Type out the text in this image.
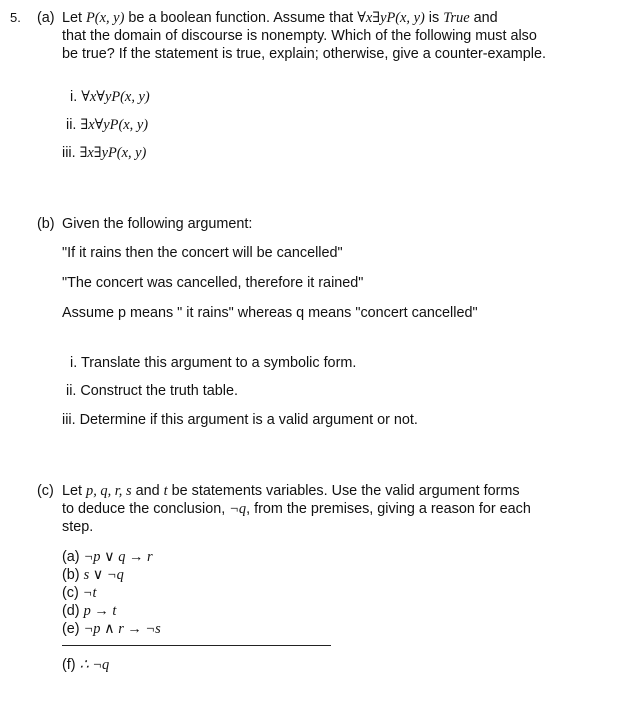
5. (a) Let P(x, y) be a boolean function. Assume that ∀x∃yP(x, y) is True and
that the domain of discourse is nonempty. Which of the following must also
be true? If the statement is true, explain; otherwise, give a counter-example.
i. ∀x∀yP(x, y)
ii. ∃x∀yP(x, y)
iii. ∃x∃yP(x, y)
(b) Given the following argument:
"If it rains then the concert will be cancelled"
"The concert was cancelled, therefore it rained"
Assume p means " it rains" whereas q means "concert cancelled"
i. Translate this argument to a symbolic form.
ii. Construct the truth table.
iii. Determine if this argument is a valid argument or not.
(c) Let p, q, r, s and t be statements variables. Use the valid argument forms
to deduce the conclusion, ¬q, from the premises, giving a reason for each
step.
(a) ¬p ∨ q → r
(b) s ∨ ¬q
(c) ¬t
(d) p → t
(e) ¬p ∧ r → ¬s
(f) ∴ ¬q
